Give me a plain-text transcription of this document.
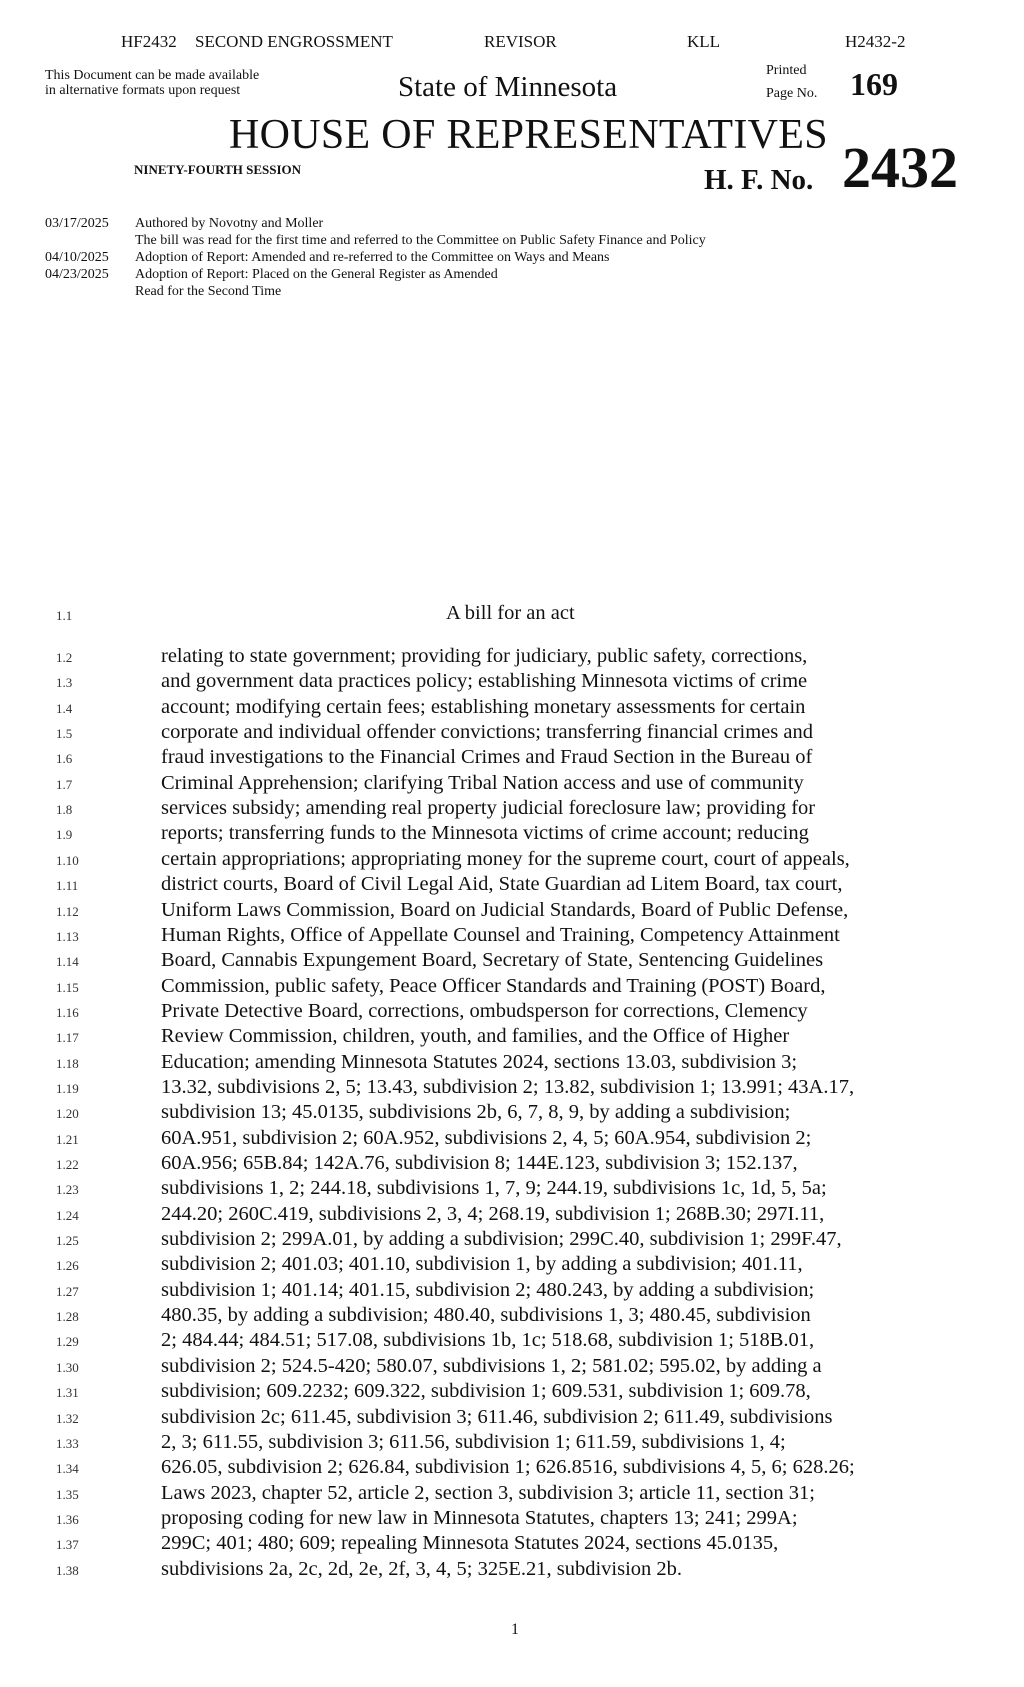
HF2432 SECOND ENGROSSMENT	REVISOR	KLL	H2432-2
This Document can be made available
in alternative formats upon request	State of Minnesota
Printed
Page No. 169
HOUSE OF REPRESENTATIVES
NINETY-FOURTH SESSION	H. F. No. 2432
03/17/2025 Authored by Novotny and Moller
The bill was read for the first time and referred to the Committee on Public Safety Finance and Policy
04/10/2025 Adoption of Report: Amended and re-referred to the Committee on Ways and Means
04/23/2025 Adoption of Report: Placed on the General Register as Amended
Read for the Second Time
1.1	A bill for an act
1.2	relating to state government; providing for judiciary, public safety, corrections,
1.3	and government data practices policy; establishing Minnesota victims of crime
1.4	account; modifying certain fees; establishing monetary assessments for certain
1.5	corporate and individual offender convictions; transferring financial crimes and
1.6	fraud investigations to the Financial Crimes and Fraud Section in the Bureau of
1.7	Criminal Apprehension; clarifying Tribal Nation access and use of community
1.8	services subsidy; amending real property judicial foreclosure law; providing for
1.9	reports; transferring funds to the Minnesota victims of crime account; reducing
1.10	certain appropriations; appropriating money for the supreme court, court of appeals,
1.11	district courts, Board of Civil Legal Aid, State Guardian ad Litem Board, tax court,
1.12	Uniform Laws Commission, Board on Judicial Standards, Board of Public Defense,
1.13	Human Rights, Office of Appellate Counsel and Training, Competency Attainment
1.14	Board, Cannabis Expungement Board, Secretary of State, Sentencing Guidelines
1.15	Commission, public safety, Peace Officer Standards and Training (POST) Board,
1.16	Private Detective Board, corrections, ombudsperson for corrections, Clemency
1.17	Review Commission, children, youth, and families, and the Office of Higher
1.18	Education; amending Minnesota Statutes 2024, sections 13.03, subdivision 3;
1.19	13.32, subdivisions 2, 5; 13.43, subdivision 2; 13.82, subdivision 1; 13.991; 43A.17,
1.20	subdivision 13; 45.0135, subdivisions 2b, 6, 7, 8, 9, by adding a subdivision;
1.21	60A.951, subdivision 2; 60A.952, subdivisions 2, 4, 5; 60A.954, subdivision 2;
1.22	60A.956; 65B.84; 142A.76, subdivision 8; 144E.123, subdivision 3; 152.137,
1.23	subdivisions 1, 2; 244.18, subdivisions 1, 7, 9; 244.19, subdivisions 1c, 1d, 5, 5a;
1.24	244.20; 260C.419, subdivisions 2, 3, 4; 268.19, subdivision 1; 268B.30; 297I.11,
1.25	subdivision 2; 299A.01, by adding a subdivision; 299C.40, subdivision 1; 299F.47,
1.26	subdivision 2; 401.03; 401.10, subdivision 1, by adding a subdivision; 401.11,
1.27	subdivision 1; 401.14; 401.15, subdivision 2; 480.243, by adding a subdivision;
1.28	480.35, by adding a subdivision; 480.40, subdivisions 1, 3; 480.45, subdivision
1.29	2; 484.44; 484.51; 517.08, subdivisions 1b, 1c; 518.68, subdivision 1; 518B.01,
1.30	subdivision 2; 524.5-420; 580.07, subdivisions 1, 2; 581.02; 595.02, by adding a
1.31	subdivision; 609.2232; 609.322, subdivision 1; 609.531, subdivision 1; 609.78,
1.32	subdivision 2c; 611.45, subdivision 3; 611.46, subdivision 2; 611.49, subdivisions
1.33	2, 3; 611.55, subdivision 3; 611.56, subdivision 1; 611.59, subdivisions 1, 4;
1.34	626.05, subdivision 2; 626.84, subdivision 1; 626.8516, subdivisions 4, 5, 6; 628.26;
1.35	Laws 2023, chapter 52, article 2, section 3, subdivision 3; article 11, section 31;
1.36	proposing coding for new law in Minnesota Statutes, chapters 13; 241; 299A;
1.37	299C; 401; 480; 609; repealing Minnesota Statutes 2024, sections 45.0135,
1.38	subdivisions 2a, 2c, 2d, 2e, 2f, 3, 4, 5; 325E.21, subdivision 2b.
1
